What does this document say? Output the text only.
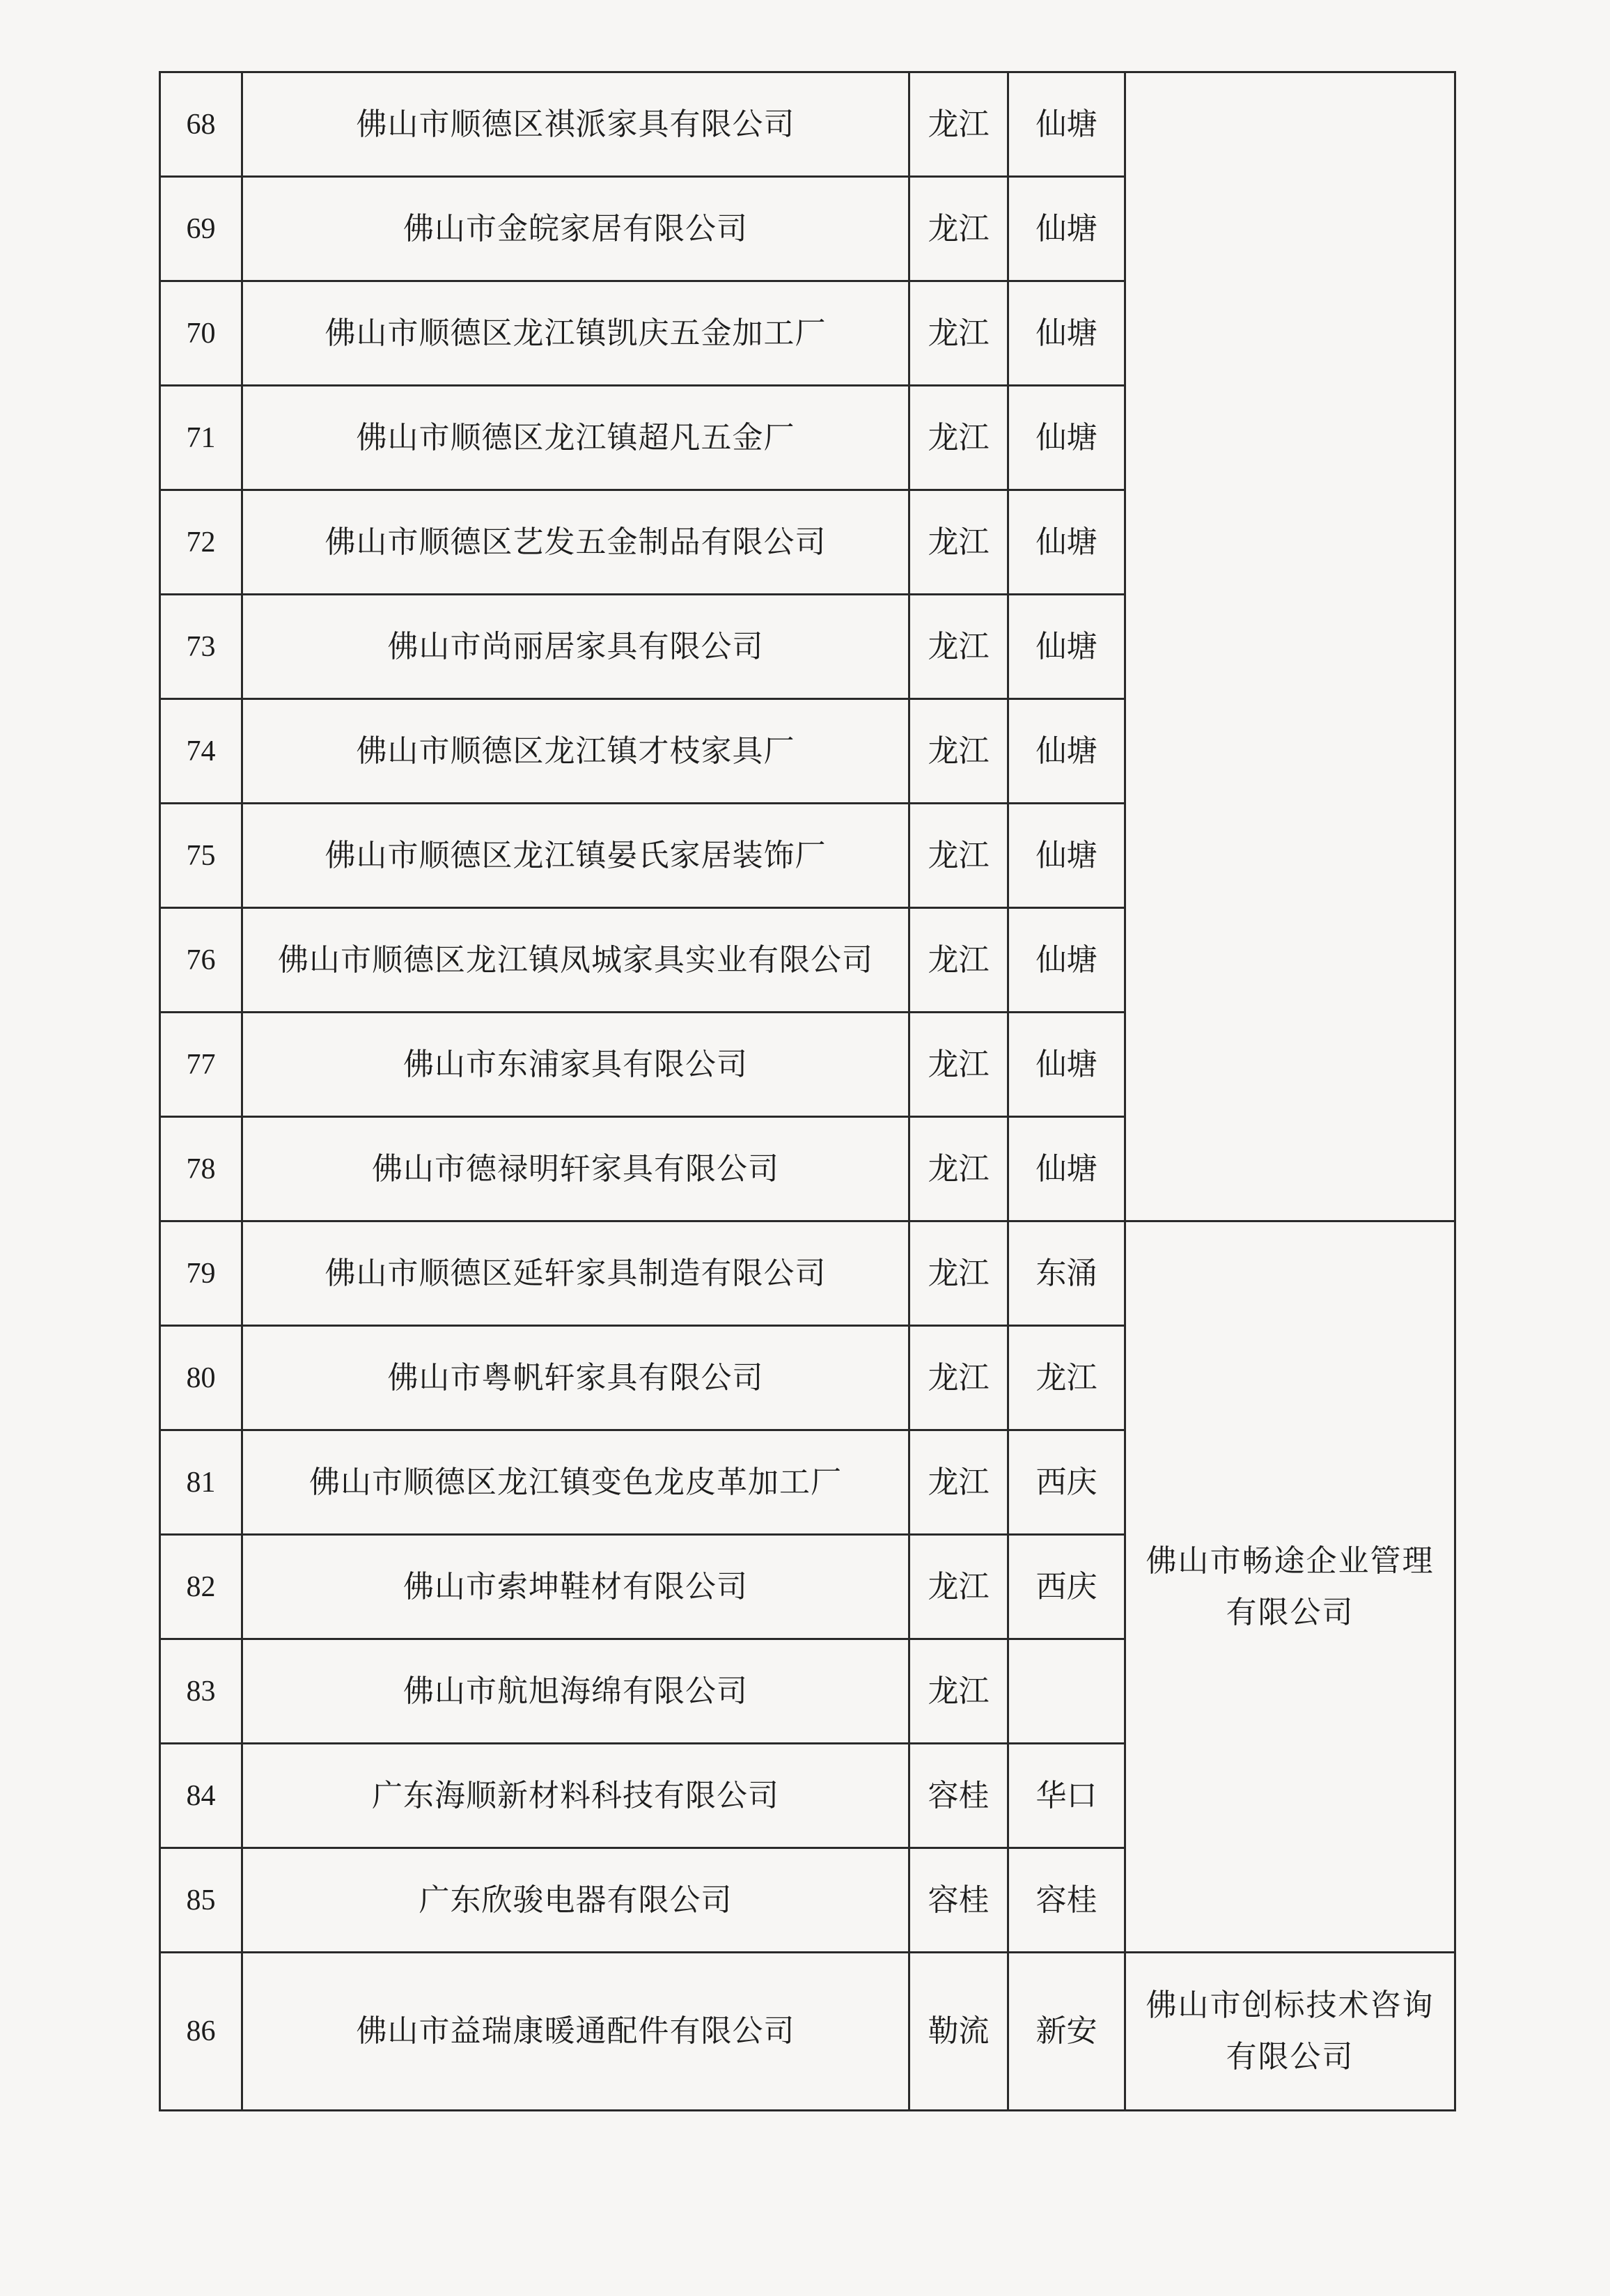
68	佛山市顺德区祺派家具有限公司	龙江	仙塘	

69	佛山市金皖家居有限公司	龙江	仙塘	
70	佛山市顺德区龙江镇凯庆五金加工厂	龙江	仙塘	
71	佛山市顺德区龙江镇超凡五金厂	龙江	仙塘	
72	佛山市顺德区艺发五金制品有限公司	龙江	仙塘	
73	佛山市尚丽居家具有限公司	龙江	仙塘	
74	佛山市顺德区龙江镇才枝家具厂	龙江	仙塘	
75	佛山市顺德区龙江镇晏氏家居装饰厂	龙江	仙塘	
76	佛山市顺德区龙江镇凤城家具实业有限公司	龙江	仙塘	
77	佛山市东浦家具有限公司	龙江	仙塘	
78	佛山市德禄明轩家具有限公司	龙江	仙塘	
79	佛山市顺德区延轩家具制造有限公司	龙江	东涌	佛山市畅途企业管理
有限公司

80	佛山市粤帆轩家具有限公司	龙江	龙江	
81	佛山市顺德区龙江镇变色龙皮革加工厂	龙江	西庆	
82	佛山市索坤鞋材有限公司	龙江	西庆	
83	佛山市航旭海绵有限公司	龙江		
84	广东海顺新材料科技有限公司	容桂	华口	
85	广东欣骏电器有限公司	容桂	容桂	
86	佛山市益瑞康暖通配件有限公司	勒流	新安	佛山市创标技术咨询
有限公司
